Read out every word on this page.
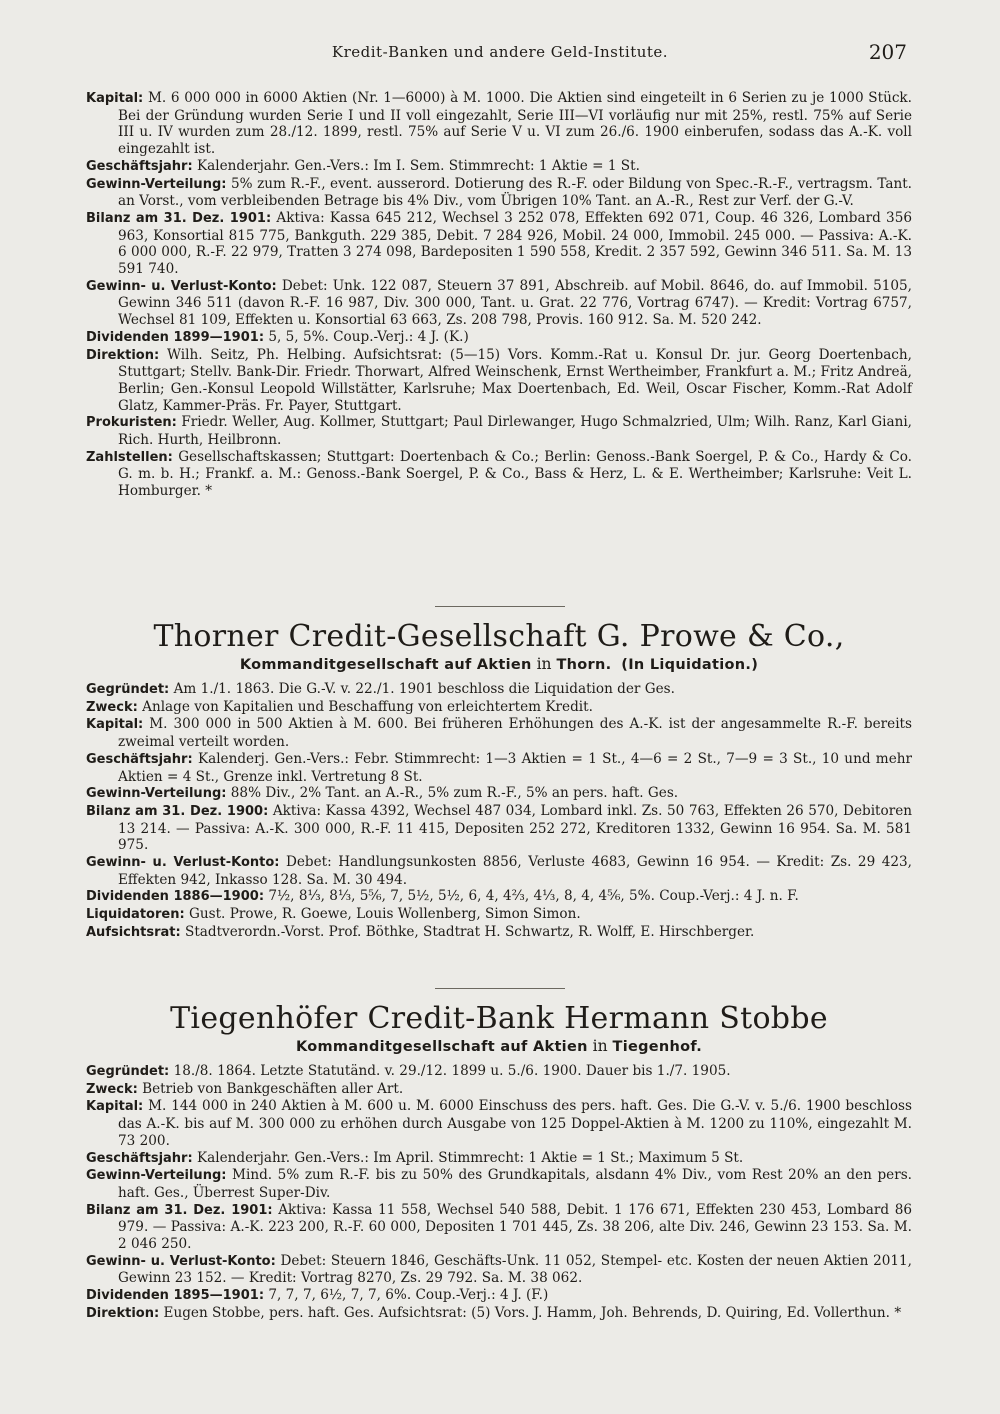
Kredit-Banken und andere Geld-Institute.	207

Kapital: M. 6 000 000 in 6000 Aktien (Nr. 1—6000) à M. 1000. Die Aktien sind eingeteilt in 6 Serien zu je 1000 Stück. Bei der Gründung wurden Serie I und II voll eingezahlt, Serie III—VI vorläufig nur mit 25%, restl. 75% auf Serie III u. IV wurden zum 28./12. 1899, restl. 75% auf Serie V u. VI zum 26./6. 1900 einberufen, sodass das A.-K. voll eingezahlt ist.

Geschäftsjahr: Kalenderjahr. Gen.-Vers.: Im I. Sem. Stimmrecht: 1 Aktie = 1 St.

Gewinn-Verteilung: 5% zum R.-F., event. ausserord. Dotierung des R.-F. oder Bildung von Spec.-R.-F., vertragsm. Tant. an Vorst., vom verbleibenden Betrage bis 4% Div., vom Übrigen 10% Tant. an A.-R., Rest zur Verf. der G.-V.

Bilanz am 31. Dez. 1901: Aktiva: Kassa 645 212, Wechsel 3 252 078, Effekten 692 071, Coup. 46 326, Lombard 356 963, Konsortial 815 775, Bankguth. 229 385, Debit. 7 284 926, Mobil. 24 000, Immobil. 245 000. — Passiva: A.-K. 6 000 000, R.-F. 22 979, Tratten 3 274 098, Bardepositen 1 590 558, Kredit. 2 357 592, Gewinn 346 511. Sa. M. 13 591 740.

Gewinn- u. Verlust-Konto: Debet: Unk. 122 087, Steuern 37 891, Abschreib. auf Mobil. 8646, do. auf Immobil. 5105, Gewinn 346 511 (davon R.-F. 16 987, Div. 300 000, Tant. u. Grat. 22 776, Vortrag 6747). — Kredit: Vortrag 6757, Wechsel 81 109, Effekten u. Konsortial 63 663, Zs. 208 798, Provis. 160 912. Sa. M. 520 242.

Dividenden 1899—1901: 5, 5, 5%. Coup.-Verj.: 4 J. (K.)

Direktion: Wilh. Seitz, Ph. Helbing. Aufsichtsrat: (5—15) Vors. Komm.-Rat u. Konsul Dr. jur. Georg Doertenbach, Stuttgart; Stellv. Bank-Dir. Friedr. Thorwart, Alfred Weinschenk, Ernst Wertheimber, Frankfurt a. M.; Fritz Andreä, Berlin; Gen.-Konsul Leopold Willstätter, Karlsruhe; Max Doertenbach, Ed. Weil, Oscar Fischer, Komm.-Rat Adolf Glatz, Kammer-Präs. Fr. Payer, Stuttgart.

Prokuristen: Friedr. Weller, Aug. Kollmer, Stuttgart; Paul Dirlewanger, Hugo Schmalzried, Ulm; Wilh. Ranz, Karl Giani, Rich. Hurth, Heilbronn.

Zahlstellen: Gesellschaftskassen; Stuttgart: Doertenbach & Co.; Berlin: Genoss.-Bank Soergel, P. & Co., Hardy & Co. G. m. b. H.; Frankf. a. M.: Genoss.-Bank Soergel, P. & Co., Bass & Herz, L. & E. Wertheimber; Karlsruhe: Veit L. Homburger. *

Thorner Credit-Gesellschaft G. Prowe & Co.,
Kommanditgesellschaft auf Aktien in Thorn. (In Liquidation.)

Gegründet: Am 1./1. 1863. Die G.-V. v. 22./1. 1901 beschloss die Liquidation der Ges.

Zweck: Anlage von Kapitalien und Beschaffung von erleichtertem Kredit.

Kapital: M. 300 000 in 500 Aktien à M. 600. Bei früheren Erhöhungen des A.-K. ist der angesammelte R.-F. bereits zweimal verteilt worden.

Geschäftsjahr: Kalenderj. Gen.-Vers.: Febr. Stimmrecht: 1—3 Aktien = 1 St., 4—6 = 2 St., 7—9 = 3 St., 10 und mehr Aktien = 4 St., Grenze inkl. Vertretung 8 St.

Gewinn-Verteilung: 88% Div., 2% Tant. an A.-R., 5% zum R.-F., 5% an pers. haft. Ges.

Bilanz am 31. Dez. 1900: Aktiva: Kassa 4392, Wechsel 487 034, Lombard inkl. Zs. 50 763, Effekten 26 570, Debitoren 13 214. — Passiva: A.-K. 300 000, R.-F. 11 415, Depositen 252 272, Kreditoren 1332, Gewinn 16 954. Sa. M. 581 975.

Gewinn- u. Verlust-Konto: Debet: Handlungsunkosten 8856, Verluste 4683, Gewinn 16 954. — Kredit: Zs. 29 423, Effekten 942, Inkasso 128. Sa. M. 30 494.

Dividenden 1886—1900: 7½, 8⅓, 8⅓, 5⅚, 7, 5½, 5½, 6, 4, 4⅔, 4⅓, 8, 4, 4⅚, 5%. Coup.-Verj.: 4 J. n. F.

Liquidatoren: Gust. Prowe, R. Goewe, Louis Wollenberg, Simon Simon.

Aufsichtsrat: Stadtverordn.-Vorst. Prof. Böthke, Stadtrat H. Schwartz, R. Wolff, E. Hirschberger.

Tiegenhöfer Credit-Bank Hermann Stobbe
Kommanditgesellschaft auf Aktien in Tiegenhof.

Gegründet: 18./8. 1864. Letzte Statutänd. v. 29./12. 1899 u. 5./6. 1900. Dauer bis 1./7. 1905.

Zweck: Betrieb von Bankgeschäften aller Art.

Kapital: M. 144 000 in 240 Aktien à M. 600 u. M. 6000 Einschuss des pers. haft. Ges. Die G.-V. v. 5./6. 1900 beschloss das A.-K. bis auf M. 300 000 zu erhöhen durch Ausgabe von 125 Doppel-Aktien à M. 1200 zu 110%, eingezahlt M. 73 200.

Geschäftsjahr: Kalenderjahr. Gen.-Vers.: Im April. Stimmrecht: 1 Aktie = 1 St.; Maximum 5 St.

Gewinn-Verteilung: Mind. 5% zum R.-F. bis zu 50% des Grundkapitals, alsdann 4% Div., vom Rest 20% an den pers. haft. Ges., Überrest Super-Div.

Bilanz am 31. Dez. 1901: Aktiva: Kassa 11 558, Wechsel 540 588, Debit. 1 176 671, Effekten 230 453, Lombard 86 979. — Passiva: A.-K. 223 200, R.-F. 60 000, Depositen 1 701 445, Zs. 38 206, alte Div. 246, Gewinn 23 153. Sa. M. 2 046 250.

Gewinn- u. Verlust-Konto: Debet: Steuern 1846, Geschäfts-Unk. 11 052, Stempel- etc. Kosten der neuen Aktien 2011, Gewinn 23 152. — Kredit: Vortrag 8270, Zs. 29 792. Sa. M. 38 062.

Dividenden 1895—1901: 7, 7, 7, 6½, 7, 7, 6%. Coup.-Verj.: 4 J. (F.)

Direktion: Eugen Stobbe, pers. haft. Ges. Aufsichtsrat: (5) Vors. J. Hamm, Joh. Behrends, D. Quiring, Ed. Vollerthun. *
